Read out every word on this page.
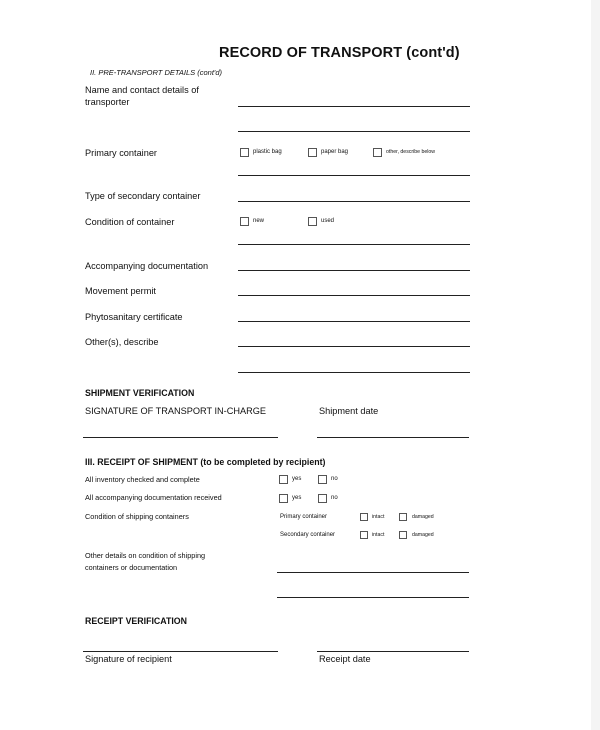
RECORD OF TRANSPORT (cont'd)
II. PRE-TRANSPORT DETAILS (cont'd)
Name and contact details of
transporter
Primary container	plastic bag	paper bag	other, describe below
Type of secondary container
Condition of container	new	used
Accompanying documentation
Movement permit
Phytosanitary certificate
Other(s), describe
SHIPMENT VERIFICATION
SIGNATURE OF TRANSPORT IN-CHARGE	Shipment date
III. RECEIPT OF SHIPMENT (to be completed by recipient)
All inventory checked and complete	yes	no
All accompanying documentation received	yes	no
Condition of shipping containers	Primary container	intact	damaged
Secondary container	intact	damaged
Other details on condition of shipping
containers or documentation
RECEIPT VERIFICATION
Signature of recipient	Receipt date
